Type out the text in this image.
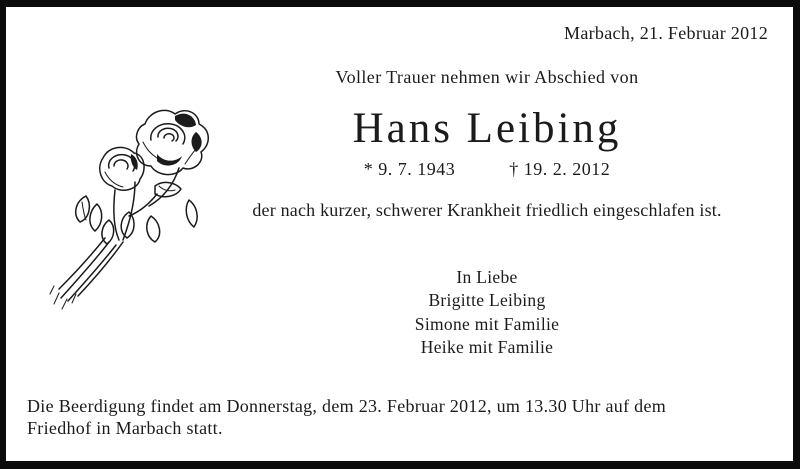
Marbach, 21. Februar 2012
Voller Trauer nehmen wir Abschied von
Hans Leibing
* 9. 7. 1943	† 19. 2. 2012
der nach kurzer, schwerer Krankheit friedlich eingeschlafen ist.
In Liebe
Brigitte Leibing
Simone mit Familie
Heike mit Familie
Die Beerdigung findet am Donnerstag, dem 23. Februar 2012, um 13.30 Uhr auf dem
Friedhof in Marbach statt.
